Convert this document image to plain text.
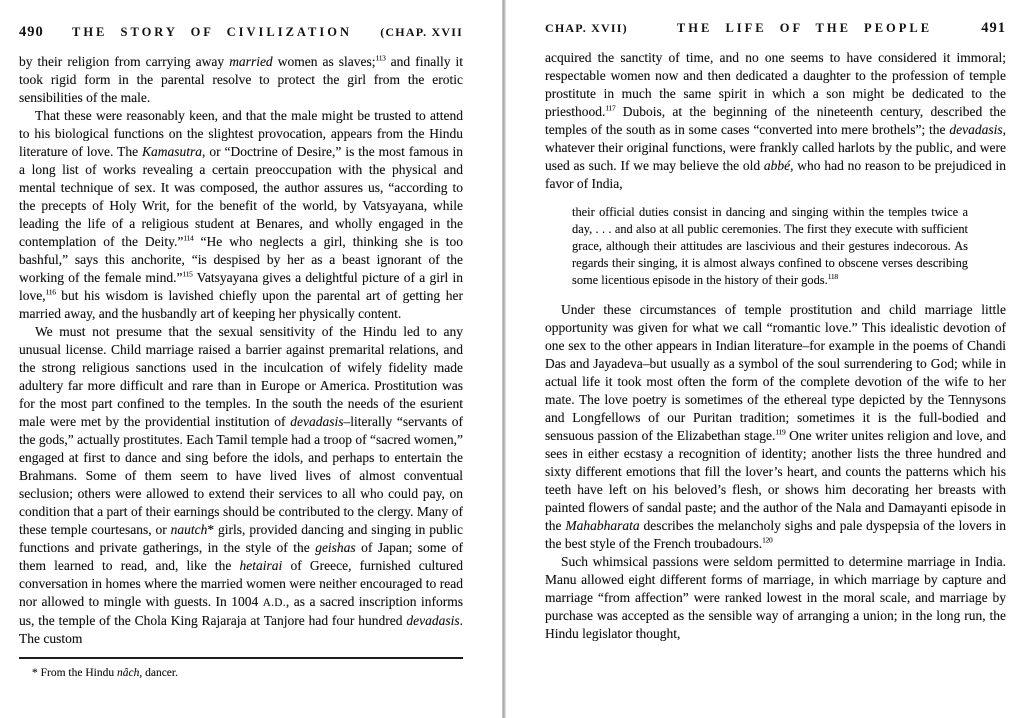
490	THE STORY OF CIVILIZATION	(CHAP. XVII

by their religion from carrying away married women as slaves;$^{113}$ and finally it took rigid form in the parental resolve to protect the girl from the erotic sensibilities of the male.

That these were reasonably keen, and that the male might be trusted to attend to his biological functions on the slightest provocation, appears from the Hindu literature of love. The Kamasutra, or “Doctrine of Desire,” is the most famous in a long list of works revealing a certain preoccupation with the physical and mental technique of sex. It was composed, the author assures us, “according to the precepts of Holy Writ, for the benefit of the world, by Vatsyayana, while leading the life of a religious student at Benares, and wholly engaged in the contemplation of the Deity.”$^{114}$ “He who neglects a girl, thinking she is too bashful,” says this anchorite, “is despised by her as a beast ignorant of the working of the female mind.”$^{115}$ Vatsyayana gives a delightful picture of a girl in love,$^{116}$ but his wisdom is lavished chiefly upon the parental art of getting her married away, and the husbandly art of keeping her physically content.

We must not presume that the sexual sensitivity of the Hindu led to any unusual license. Child marriage raised a barrier against premarital relations, and the strong religious sanctions used in the inculcation of wifely fidelity made adultery far more difficult and rare than in Europe or America. Prostitution was for the most part confined to the temples. In the south the needs of the esurient male were met by the providential institution of devadasis–literally “servants of the gods,” actually prostitutes. Each Tamil temple had a troop of “sacred women,” engaged at first to dance and sing before the idols, and perhaps to entertain the Brahmans. Some of them seem to have lived lives of almost conventual seclusion; others were allowed to extend their services to all who could pay, on condition that a part of their earnings should be contributed to the clergy. Many of these temple courtesans, or nautch* girls, provided dancing and singing in public functions and private gatherings, in the style of the geishas of Japan; some of them learned to read, and, like the hetairai of Greece, furnished cultured conversation in homes where the married women were neither encouraged to read nor allowed to mingle with guests. In 1004 A.D., as a sacred inscription informs us, the temple of the Chola King Rajaraja at Tanjore had four hundred devadasis. The custom

* From the Hindu nâch, dancer.
CHAP. XVII)	THE LIFE OF THE PEOPLE	491

acquired the sanctity of time, and no one seems to have considered it immoral; respectable women now and then dedicated a daughter to the profession of temple prostitute in much the same spirit in which a son might be dedicated to the priesthood.$^{117}$ Dubois, at the beginning of the nineteenth century, described the temples of the south as in some cases “converted into mere brothels”; the devadasis, whatever their original functions, were frankly called harlots by the public, and were used as such. If we may believe the old abbé, who had no reason to be prejudiced in favor of India,

their official duties consist in dancing and singing within the temples twice a day, . . . and also at all public ceremonies. The first they execute with sufficient grace, although their attitudes are lascivious and their gestures indecorous. As regards their singing, it is almost always confined to obscene verses describing some licentious episode in the history of their gods.$^{118}$

Under these circumstances of temple prostitution and child marriage little opportunity was given for what we call “romantic love.” This idealistic devotion of one sex to the other appears in Indian literature–for example in the poems of Chandi Das and Jayadeva–but usually as a symbol of the soul surrendering to God; while in actual life it took most often the form of the complete devotion of the wife to her mate. The love poetry is sometimes of the ethereal type depicted by the Tennysons and Longfellows of our Puritan tradition; sometimes it is the full-bodied and sensuous passion of the Elizabethan stage.$^{119}$ One writer unites religion and love, and sees in either ecstasy a recognition of identity; another lists the three hundred and sixty different emotions that fill the lover’s heart, and counts the patterns which his teeth have left on his beloved’s flesh, or shows him decorating her breasts with painted flowers of sandal paste; and the author of the Nala and Damayanti episode in the Mahabharata describes the melancholy sighs and pale dyspepsia of the lovers in the best style of the French troubadours.$^{120}$

Such whimsical passions were seldom permitted to determine marriage in India. Manu allowed eight different forms of marriage, in which marriage by capture and marriage “from affection” were ranked lowest in the moral scale, and marriage by purchase was accepted as the sensible way of arranging a union; in the long run, the Hindu legislator thought,
